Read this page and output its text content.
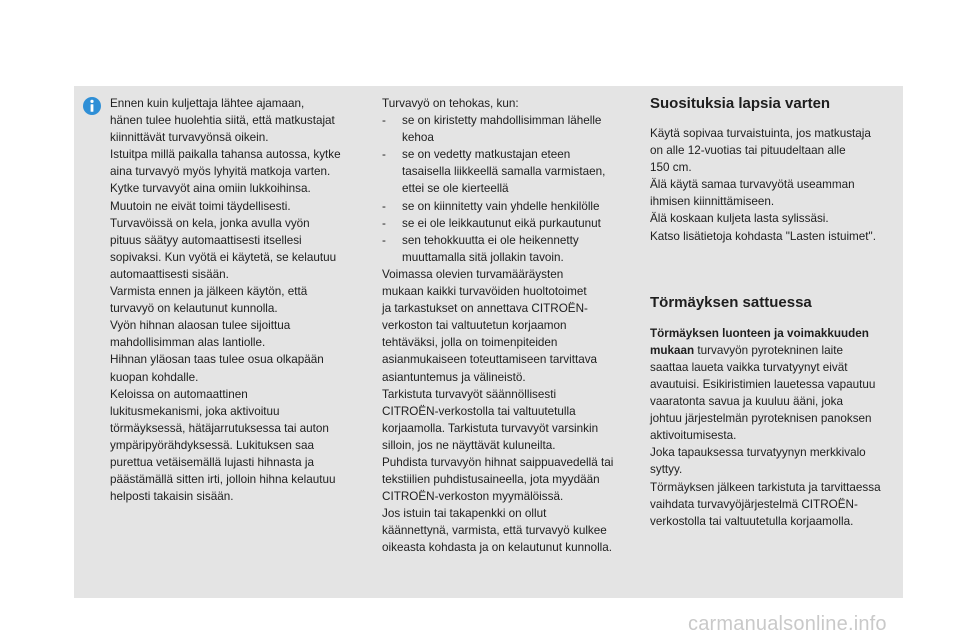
Ennen kuin kuljettaja lähtee ajamaan,

hänen tulee huolehtia siitä, että matkustajat

kiinnittävät turvavyönsä oikein.

Istuitpa millä paikalla tahansa autossa, kytke

aina turvavyö myös lyhyitä matkoja varten.

Kytke turvavyöt aina omiin lukkoihinsa.

Muutoin ne eivät toimi täydellisesti.

Turvavöissä on kela, jonka avulla vyön

pituus säätyy automaattisesti itsellesi

sopivaksi. Kun vyötä ei käytetä, se kelautuu

automaattisesti sisään.

Varmista ennen ja jälkeen käytön, että

turvavyö on kelautunut kunnolla.

Vyön hihnan alaosan tulee sijoittua

mahdollisimman alas lantiolle.

Hihnan yläosan taas tulee osua olkapään

kuopan kohdalle.

Keloissa on automaattinen

lukitusmekanismi, joka aktivoituu

törmäyksessä, hätäjarrutuksessa tai auton

ympäripyörähdyksessä. Lukituksen saa

purettua vetäisemällä lujasti hihnasta ja

päästämällä sitten irti, jolloin hihna kelautuu

helposti takaisin sisään.

Turvavyö on tehokas, kun:

-	se on kiristetty mahdollisimman lähelle
kehoa
-	se on vedetty matkustajan eteen
tasaisella liikkeellä samalla varmistaen,
ettei se ole kierteellä
-	se on kiinnitetty vain yhdelle henkilölle
-	se ei ole leikkautunut eikä purkautunut
-	sen tehokkuutta ei ole heikennetty
muuttamalla sitä jollakin tavoin.

Voimassa olevien turvamääräysten

mukaan kaikki turvavöiden huoltotoimet

ja tarkastukset on annettava CITROËN-

verkoston tai valtuutetun korjaamon

tehtäväksi, jolla on toimenpiteiden

asianmukaiseen toteuttamiseen tarvittava

asiantuntemus ja välineistö.

Tarkistuta turvavyöt säännöllisesti

CITROËN-verkostolla tai valtuutetulla

korjaamolla. Tarkistuta turvavyöt varsinkin

silloin, jos ne näyttävät kuluneilta.

Puhdista turvavyön hihnat saippuavedellä tai

tekstiilien puhdistusaineella, jota myydään

CITROËN-verkoston myymälöissä.

Jos istuin tai takapenkki on ollut

käännettynä, varmista, että turvavyö kulkee

oikeasta kohdasta ja on kelautunut kunnolla.

Suosituksia lapsia varten

Käytä sopivaa turvaistuinta, jos matkustaja

on alle 12-vuotias tai pituudeltaan alle

150 cm.

Älä käytä samaa turvavyötä useamman

ihmisen kiinnittämiseen.

Älä koskaan kuljeta lasta sylissäsi.

Katso lisätietoja kohdasta "Lasten istuimet".

Törmäyksen sattuessa

Törmäyksen luonteen ja voimakkuuden

mukaan turvavyön pyrotekninen laite

saattaa laueta vaikka turvatyynyt eivät

avautuisi. Esikiristimien lauetessa vapautuu

vaaratonta savua ja kuuluu ääni, joka

johtuu järjestelmän pyroteknisen panoksen

aktivoitumisesta.

Joka tapauksessa turvatyynyn merkkivalo

syttyy.

Törmäyksen jälkeen tarkistuta ja tarvittaessa

vaihdata turvavyöjärjestelmä CITROËN-

verkostolla tai valtuutetulla korjaamolla.

carmanualsonline.info
